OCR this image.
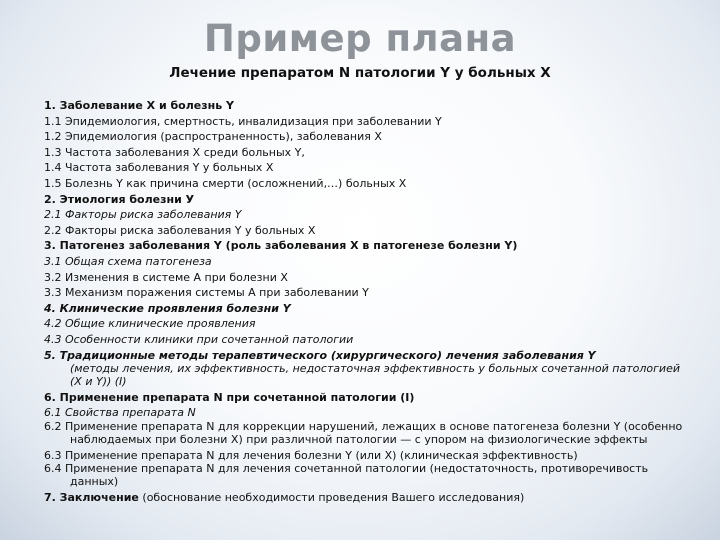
Пример плана
Лечение препаратом N патологии Y у больных X
1. Заболевание X и болезнь Y
1.1 Эпидемиология, смертность, инвалидизация при заболевании Y
1.2 Эпидемиология (распространенность), заболевания X
1.3 Частота заболевания X среди больных Y,
1.4 Частота заболевания Y у больных X
1.5 Болезнь Y как причина смерти (осложнений,…) больных X
2. Этиология болезни У
2.1 Факторы риска заболевания Y
2.2 Факторы риска заболевания Y у больных X
3. Патогенез заболевания Y (роль заболевания X в патогенезе болезни Y)
3.1 Общая схема патогенеза
3.2 Изменения в системе А при болезни X
3.3 Механизм поражения системы А при заболевании Y
4. Клинические проявления болезни Y
4.2 Общие клинические проявления
4.3 Особенности клиники при сочетанной патологии
5. Традиционные методы терапевтического (хирургического) лечения заболевания Y
(методы лечения, их эффективность, недостаточная эффективность у больных сочетанной патологией (X и Y)) (I)
6. Применение препарата N при сочетанной патологии (I)
6.1 Свойства препарата N
6.2 Применение препарата N для коррекции нарушений, лежащих в основе патогенеза болезни Y (особенно наблюдаемых при болезни X) при различной патологии — с упором на физиологические эффекты
6.3 Применение препарата N для лечения болезни Y (или X) (клиническая эффективность)
6.4 Применение препарата N для лечения сочетанной патологии (недостаточность, противоречивость данных)
7. Заключение (обоснование необходимости проведения Вашего исследования)
